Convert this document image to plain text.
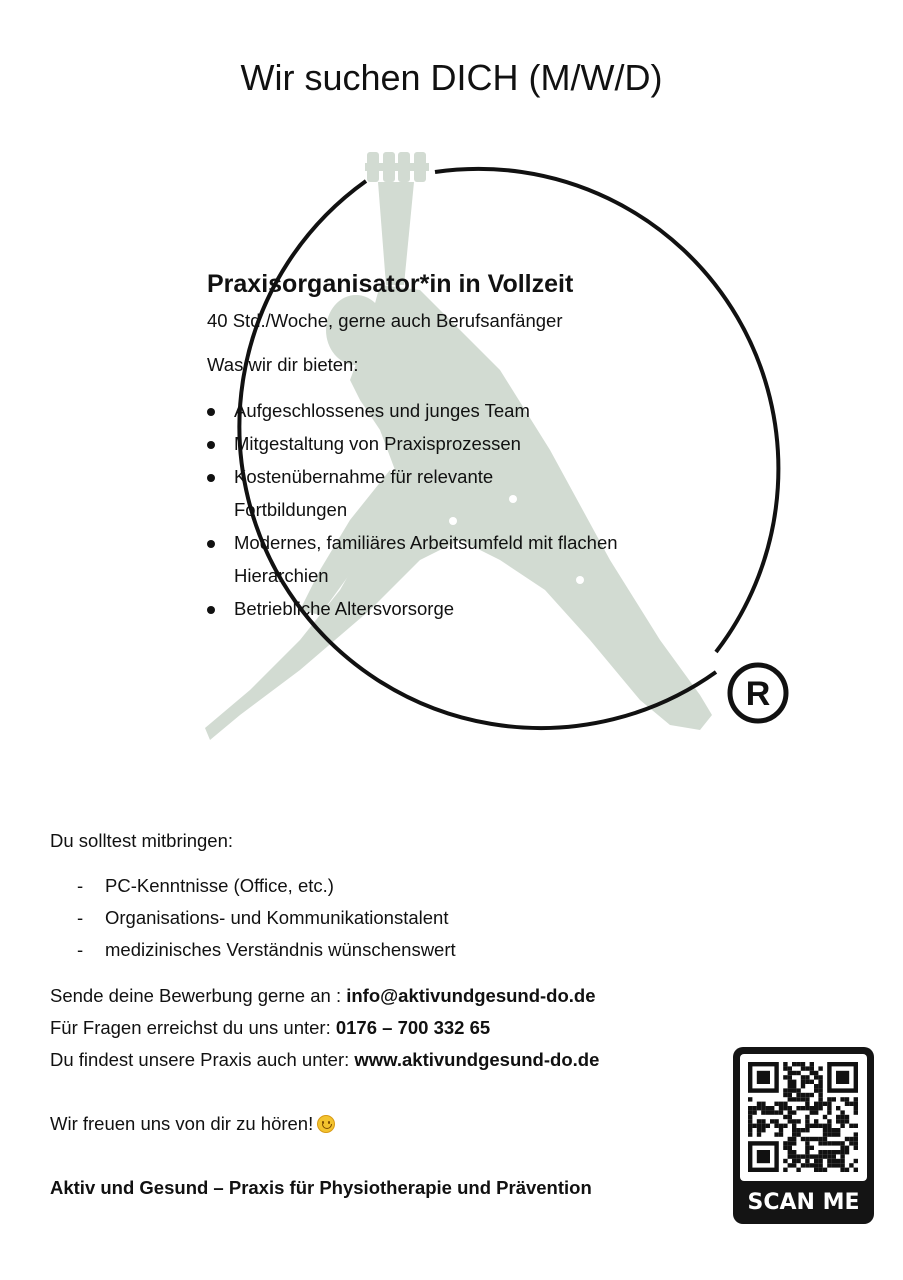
Wir suchen DICH (M/W/D)
R

Praxisorganisator*in in Vollzeit

40 Std./Woche, gerne auch Berufsanfänger

Was wir dir bieten:

Aufgeschlossenes und junges Team
Mitgestaltung von Praxisprozessen
Kostenübernahme für relevante Fortbildungen
Modernes, familiäres Arbeitsumfeld mit flachen Hierarchien
Betriebliche Altersvorsorge

Du solltest mitbringen:

- PC-Kenntnisse (Office, etc.)
- Organisations- und Kommunikationstalent
- medizinisches Verständnis wünschenswert

Sende deine Bewerbung gerne an : info@aktivundgesund-do.de

Für Fragen erreichst du uns unter: 0176 – 700 332 65

Du findest unsere Praxis auch unter: www.aktivundgesund-do.de

Wir freuen uns von dir zu hören!
Aktiv und Gesund – Praxis für Physiotherapie und Prävention
SCAN ME
